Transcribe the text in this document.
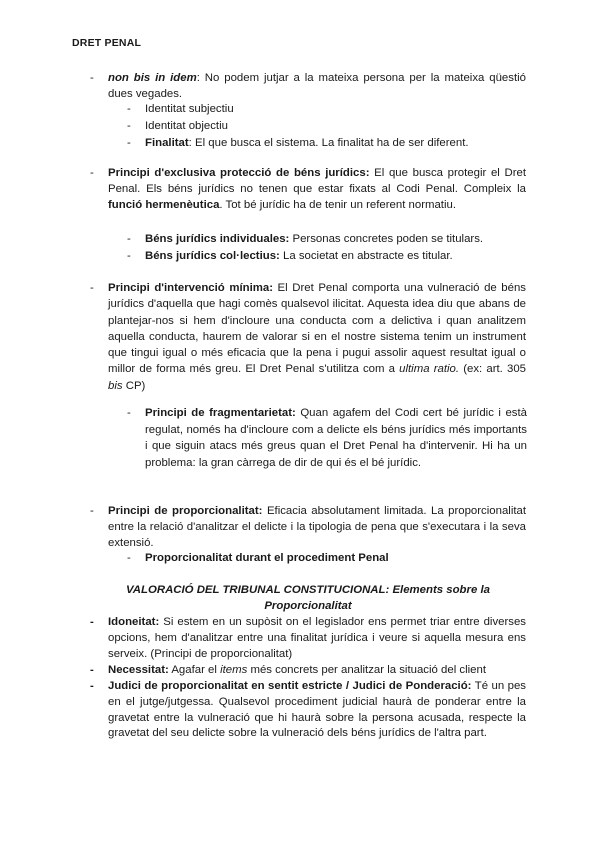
DRET PENAL
- non bis in idem: No podem jutjar a la mateixa persona per la mateixa qüestió dues vegades.
- Identitat subjectiu
- Identitat objectiu
- Finalitat: El que busca el sistema. La finalitat ha de ser diferent.
- Principi d'exclusiva protecció de béns jurídics: El que busca protegir el Dret Penal. Els béns jurídics no tenen que estar fixats al Codi Penal. Compleix la funció hermenèutica. Tot bé jurídic ha de tenir un referent normatiu.
- Béns jurídics individuales: Personas concretes poden se titulars.
- Béns jurídics col·lectius: La societat en abstracte es titular.
- Principi d'intervenció mínima: El Dret Penal comporta una vulneració de béns jurídics d'aquella que hagi comès qualsevol ilicitat. Aquesta idea diu que abans de plantejar-nos si hem d'incloure una conducta com a delictiva i quan analitzem aquella conducta, haurem de valorar si en el nostre sistema tenim un instrument que tingui igual o més eficacia que la pena i pugui assolir aquest resultat igual o millor de forma més greu. El Dret Penal s'utilitza com a ultima ratio. (ex: art. 305 bis CP)
- Principi de fragmentarietat: Quan agafem del Codi cert bé jurídic i està regulat, només ha d'incloure com a delicte els béns jurídics més importants i que siguin atacs més greus quan el Dret Penal ha d'intervenir. Hi ha un problema: la gran càrrega de dir de qui és el bé jurídic.
- Principi de proporcionalitat: Eficacia absolutament limitada. La proporcionalitat entre la relació d'analitzar el delicte i la tipologia de pena que s'executara i la seva extensió.
- Proporcionalitat durant el procediment Penal
VALORACIÓ DEL TRIBUNAL CONSTITUCIONAL: Elements sobre la
Proporcionalitat
- Idoneitat: Si estem en un supòsit on el legislador ens permet triar entre diverses opcions, hem d'analitzar entre una finalitat jurídica i veure si aquella mesura ens serveix. (Principi de proporcionalitat)
- Necessitat: Agafar el items més concrets per analitzar la situació del client
- Judici de proporcionalitat en sentit estricte / Judici de Ponderació: Té un pes en el jutge/jutgessa. Qualsevol procediment judicial haurà de ponderar entre la gravetat entre la vulneració que hi haurà sobre la persona acusada, respecte la gravetat del seu delicte sobre la vulneració dels béns jurídics de l'altra part.
